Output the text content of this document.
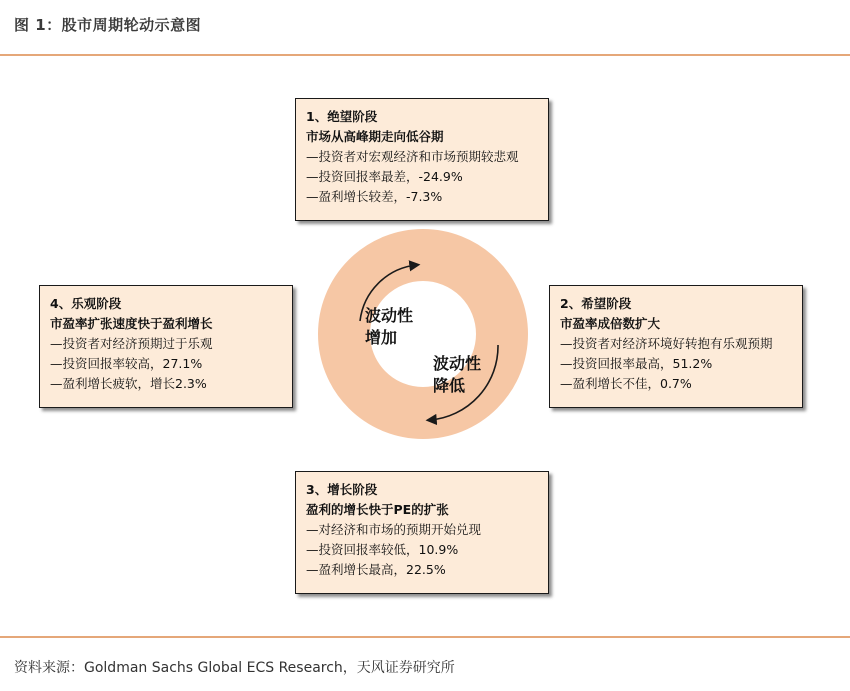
图 1：股市周期轮动示意图
1、绝望阶段
市场从高峰期走向低谷期
—投资者对宏观经济和市场预期较悲观
—投资回报率最差，-24.9%
—盈利增长较差，-7.3%
2、希望阶段
市盈率成倍数扩大
—投资者对经济环境好转抱有乐观预期
—投资回报率最高，51.2%
—盈利增长不佳，0.7%
3、增长阶段
盈利的增长快于PE的扩张
—对经济和市场的预期开始兑现
—投资回报率较低，10.9%
—盈利增长最高，22.5%
4、乐观阶段
市盈率扩张速度快于盈利增长
—投资者对经济预期过于乐观
—投资回报率较高，27.1%
—盈利增长疲软，增长2.3%
波动性
增加
波动性
降低
资料来源：Goldman Sachs Global ECS Research，天风证券研究所
